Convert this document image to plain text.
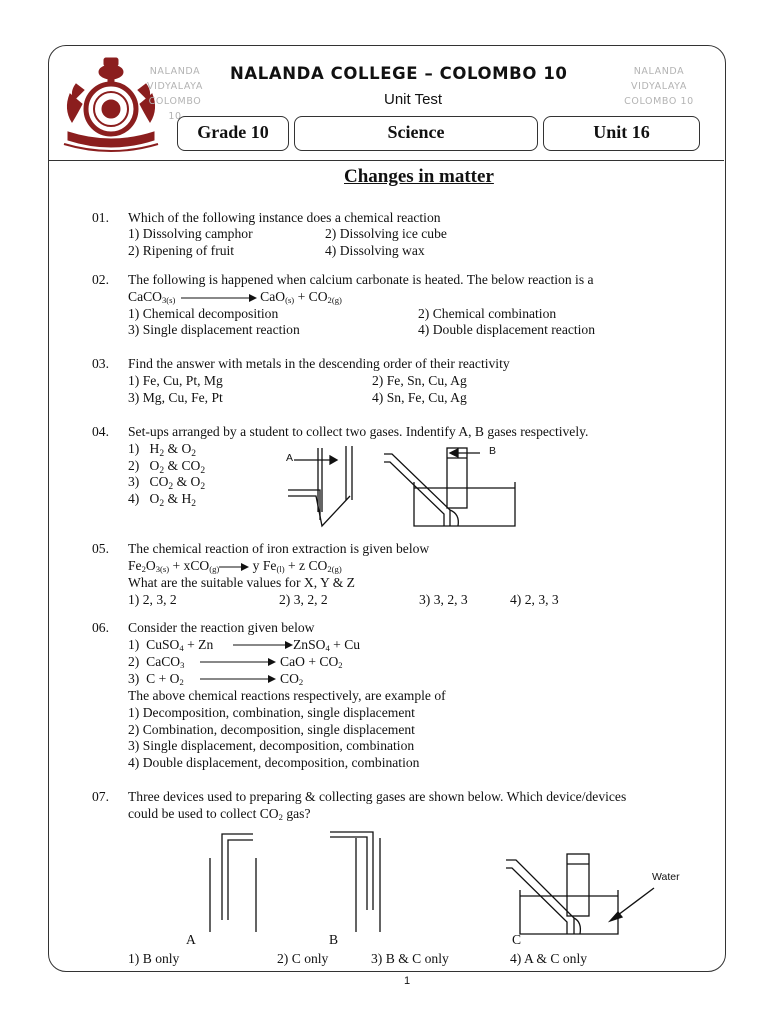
NALANDA
VIDYALAYA
COLOMBO 10
NALANDA
VIDYALAYA
COLOMBO 10
NALANDA COLLEGE – COLOMBO 10
Unit Test
Grade 10	Science	Unit 16
Changes in matter
01. Which of the following instance does a chemical reaction
1) Dissolving camphor	2) Dissolving ice cube
2) Ripening of fruit	4) Dissolving wax
02. The following is happened when calcium carbonate is heated. The below reaction is a
CaCO$_{3(s)}$	$CaO_{(s)} + CO_{2(g)}$
1) Chemical decomposition	2) Chemical combination
3) Single displacement reaction	4) Double displacement reaction
03. Find the answer with metals in the descending order of their reactivity
1) Fe, Cu, Pt, Mg	2) Fe, Sn, Cu, Ag
3) Mg, Cu, Fe, Pt	4) Sn, Fe, Cu, Ag
04. Set-ups arranged by a student to collect two gases. Indentify A, B gases respectively.
1) $H_2$ & $O_2$
2) $O_2$ & $CO_2$
3) $CO_2$ & $O_2$
4) $O_2$ & $H_2$
A
B
05. The chemical reaction of iron extraction is given below
$Fe_2O_{3(s)} + xCO_{(g)}\to y$ $Fe_{(l)} + z$ $CO_{2(g)}$
What are the suitable values for X, Y & Z
1) 2, 3, 2	2) 3, 2, 2	3) 3, 2, 3	4) 2, 3, 3
06. Consider the reaction given below
1) CuSO$_4$ + Zn → ZnSO$_4$ + Cu
2) CaCO$_3$	CaO + $CO_2$
3) $C + O_2$	$CO_2$
The above chemical reactions respectively, are example of
1) Decomposition, combination, single displacement
2) Combination, decomposition, single displacement
3) Single displacement, decomposition, combination
4) Double displacement, decomposition, combination
07. Three devices used to preparing & collecting gases are shown below. Which device/devices
could be used to collect $CO_2$ gas?
Water
A	B	C
1) B only	2) C only	3) B & C only	4) A & C only
1
